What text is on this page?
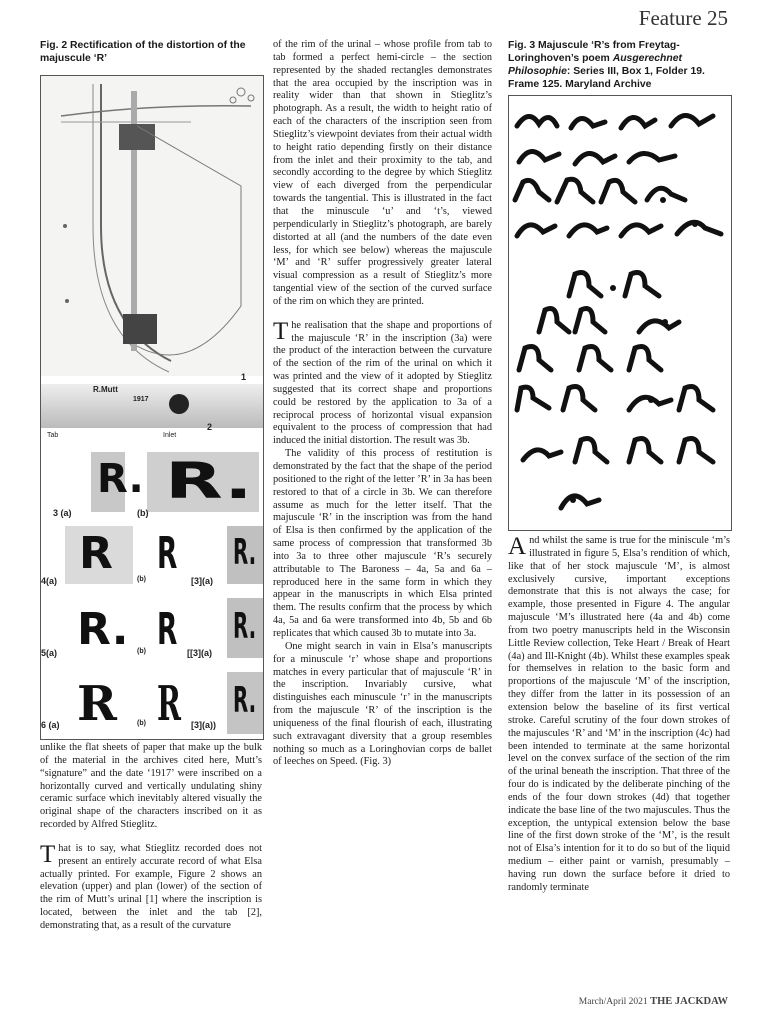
Feature 25
Fig. 2 Rectification of the distortion of the majuscule ‘R’
1
R.Mutt
1917
2
Tab	Inlet
R. R.
3 (a)	(b)
R R R.
4(a)	(b)	[3](a)
R. R R.
5(a)	(b)	[[3](a)
R R R.
6 (a)	(b)	[3](a))

unlike the flat sheets of paper that make up the bulk of the material in the archives cited here, Mutt’s “signature” and the date ‘1917’ were inscribed on a horizontally curved and vertically undulating shiny ceramic surface which inevitably altered visually the original shape of the characters inscribed on it as recorded by Alfred Stieglitz.

That is to say, what Stieglitz recorded does not present an entirely accurate record of what Elsa actually printed. For example, Figure 2 shows an elevation (upper) and plan (lower) of the section of the rim of Mutt’s urinal [1] where the inscription is located, between the inlet and the tab [2], demonstrating that, as a result of the curvature

of the rim of the urinal – whose profile from tab to tab formed a perfect hemi-circle – the section represented by the shaded rectangles demonstrates that the area occupied by the inscription was in reality wider than that shown in Stieglitz’s photograph. As a result, the width to height ratio of each of the characters of the inscription seen from Stieglitz’s viewpoint deviates from their actual width to height ratio depending firstly on their distance from the inlet and their proximity to the tab, and secondly according to the degree by which Stieglitz view of each diverged from the perpendicular towards the tangential. This is illustrated in the fact that the minuscule ‘u’ and ‘t’s, viewed perpendicularly in Stieglitz’s photograph, are barely distorted at all (and the numbers of the date even less, for which see below) whereas the majuscule ‘M’ and ‘R’ suffer progressively greater lateral visual compression as a result of Stieglitz’s more tangential view of the section of the curved surface of the rim on which they are printed.

The realisation that the shape and proportions of the majuscule ‘R’ in the inscription (3a) were the product of the interaction between the curvature of the section of the rim of the urinal on which it was printed and the view of it adopted by Stieglitz suggested that its correct shape and proportions could be restored by the application to 3a of a reciprocal process of horizontal visual expansion equivalent to the process of compression that had induced the initial distortion. The result was 3b.

The validity of this process of restitution is demonstrated by the fact that the shape of the period positioned to the right of the letter ’R’ in 3a has been restored to that of a circle in 3b. We can therefore assume as much for the letter itself. That the majuscule ‘R’ in the inscription was from the hand of Elsa is then confirmed by the application of the same process of compression that transformed 3b into 3a to three other majuscule ‘R’s securely attributable to The Baroness – 4a, 5a and 6a – reproduced here in the same form in which they appear in the manuscripts in which Elsa printed them. The results confirm that the process by which 4a, 5a and 6a were transformed into 4b, 5b and 6b replicates that which caused 3b to mutate into 3a.

One might search in vain in Elsa’s manuscripts for a minuscule ‘r’ whose shape and proportions matches in every particular that of majuscule ‘R’ in the inscription. Invariably cursive, what distinguishes each minuscule ‘r’ in the manuscripts from the majuscule ‘R’ of the inscription is the uniqueness of the final flourish of each, illustrating such extravagant diversity that a group resembles nothing so much as a Loringhovian corps de ballet of leeches on Speed. (Fig. 3)

Fig. 3 Majuscule ‘R’s from Freytag-Loringhoven’s poem Ausgerechnet Philosophie: Series III, Box 1, Folder 19. Frame 125. Maryland Archive

And whilst the same is true for the miniscule ‘m’s illustrated in figure 5, Elsa’s rendition of which, like that of her stock majuscule ‘M’, is almost exclusively cursive, important exceptions demonstrate that this is not always the case; for example, those presented in Figure 4. The angular majuscule ‘M’s illustrated here (4a and 4b) come from two poetry manuscripts held in the Wisconsin Little Review collection, Teke Heart / Break of Heart (4a) and Ill-Knight (4b). Whilst these examples speak for themselves in relation to the basic form and proportions of the majuscule ‘M’ of the inscription, they differ from the latter in its possession of an extension below the baseline of its first vertical stroke. Careful scrutiny of the four down strokes of the majuscules ‘R’ and ‘M’ in the inscription (4c) had been intended to terminate at the same horizontal level on the convex surface of the section of the rim of the urinal beneath the inscription. That three of the four do is indicated by the deliberate pinching of the ends of the four down strokes (4d) that together indicate the base line of the two majuscules. Thus the exception, the untypical extension below the base line of the first down stroke of the ‘M’, is the result not of Elsa’s intention for it to do so but of the liquid medium – either paint or varnish, presumably – having run down the surface before it dried to randomly terminate

March/April 2021 THE JACKDAW
